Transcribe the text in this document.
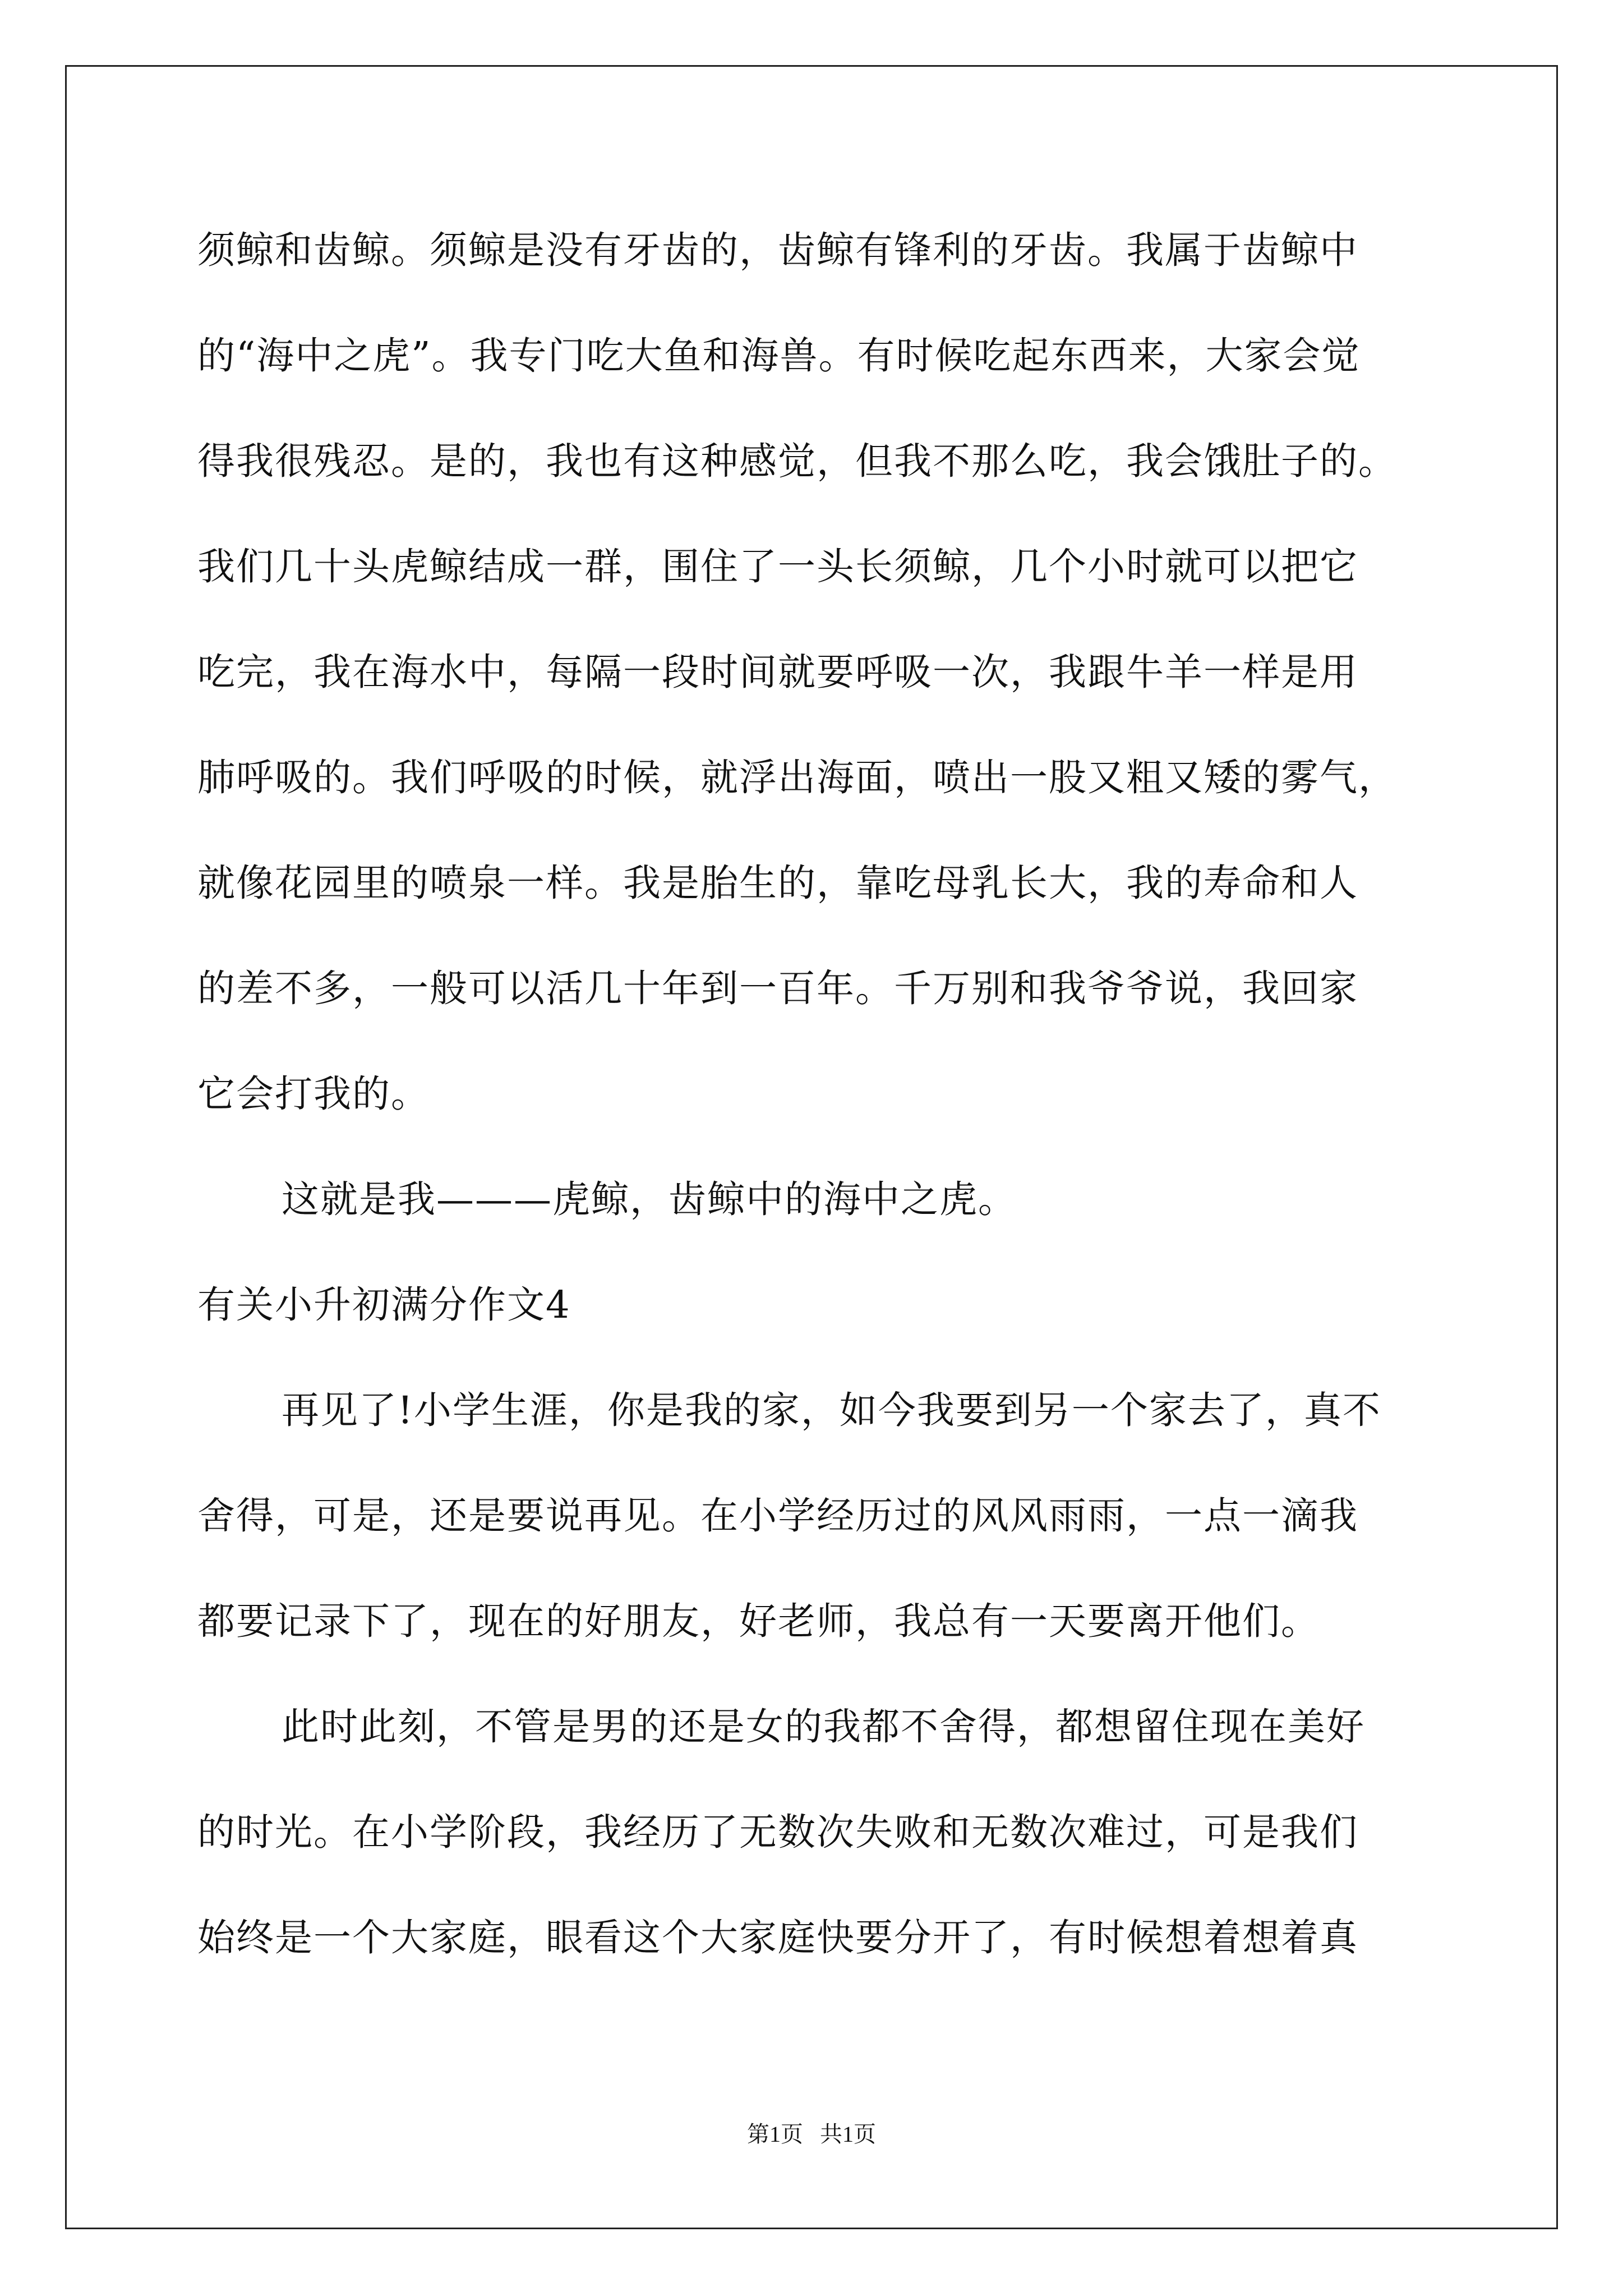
须鲸和齿鲸。须鲸是没有牙齿的，齿鲸有锋利的牙齿。我属于齿鲸中
的“海中之虎”。我专门吃大鱼和海兽。有时候吃起东西来，大家会觉
得我很残忍。是的，我也有这种感觉，但我不那么吃，我会饿肚子的。
我们几十头虎鲸结成一群，围住了一头长须鲸，几个小时就可以把它
吃完，我在海水中，每隔一段时间就要呼吸一次，我跟牛羊一样是用
肺呼吸的。我们呼吸的时候，就浮出海面，喷出一股又粗又矮的雾气，
就像花园里的喷泉一样。我是胎生的，靠吃母乳长大，我的寿命和人
的差不多，一般可以活几十年到一百年。千万别和我爷爷说，我回家
它会打我的。
这就是我———虎鲸，齿鲸中的海中之虎。
有关小升初满分作文4
再见了!小学生涯，你是我的家，如今我要到另一个家去了，真不
舍得，可是，还是要说再见。在小学经历过的风风雨雨，一点一滴我
都要记录下了，现在的好朋友，好老师，我总有一天要离开他们。
此时此刻，不管是男的还是女的我都不舍得，都想留住现在美好
的时光。在小学阶段，我经历了无数次失败和无数次难过，可是我们
始终是一个大家庭，眼看这个大家庭快要分开了，有时候想着想着真
第1页 共1页
